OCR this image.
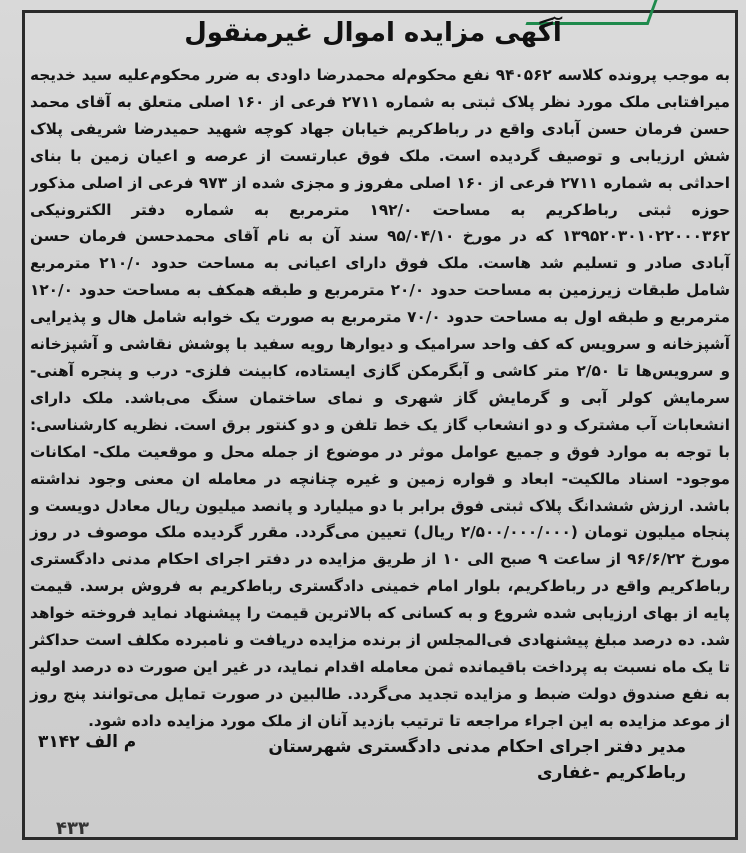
آگهی مزایده اموال غیرمنقول
به موجب پرونده کلاسه ۹۴۰۵۶۲ نفع محکوم‌له محمدرضا داودی به ضرر محکوم‌علیه سید خدیجه میرافتابی ملک مورد نظر پلاک ثبتی به شماره ۲۷۱۱ فرعی از ۱۶۰ اصلی متعلق به آقای محمد حسن فرمان حسن آبادی واقع در رباط‌کریم خیابان جهاد کوچه شهید حمیدرضا شریفی پلاک شش ارزیابی و توصیف گردیده است. ملک فوق عبارتست از عرصه و اعیان زمین با بنای احداثی به شماره ۲۷۱۱ فرعی از ۱۶۰ اصلی مفروز و مجزی شده از ۹۷۳ فرعی از اصلی مذکور حوزه ثبتی رباط‌کریم به مساحت ۱۹۲/۰ مترمربع به شماره دفتر الکترونیکی ۱۳۹۵۲۰۳۰۱۰۲۲۰۰۰۳۶۲ که در مورخ ۹۵/۰۴/۱۰ سند آن به نام آقای محمدحسن فرمان حسن آبادی صادر و تسلیم شد هاست. ملک فوق دارای اعیانی به مساحت حدود ۲۱۰/۰ مترمربع شامل طبقات زیرزمین به مساحت حدود ۲۰/۰ مترمربع و طبقه همکف به مساحت حدود ۱۲۰/۰ مترمربع و طبقه اول به مساحت حدود ۷۰/۰ مترمربع به صورت یک خوابه شامل هال و پذیرایی آشپزخانه و سرویس که کف واحد سرامیک و دیوارها رویه سفید با پوشش نقاشی و آشپزخانه و سرویس‌ها تا ۲/۵۰ متر کاشی و آبگرمکن گازی ایستاده، کابینت فلزی- درب و پنجره آهنی- سرمایش کولر آبی و گرمایش گاز شهری و نمای ساختمان سنگ می‌باشد. ملک دارای انشعابات آب مشترک و دو انشعاب گاز یک خط تلفن و دو کنتور برق است. نظریه کارشناسی: با توجه به موارد فوق و جمیع عوامل موثر در موضوع از جمله محل و موقعیت ملک- امکانات موجود- اسناد مالکیت- ابعاد و قواره زمین و غیره چنانچه در معامله ان معنی وجود نداشته باشد. ارزش ششدانگ پلاک ثبتی فوق برابر با دو میلیارد و پانصد میلیون ریال معادل دویست و پنجاه میلیون تومان (۲/۵۰۰/۰۰۰/۰۰۰ ریال) تعیین می‌گردد. مقرر گردیده ملک موصوف در روز مورخ ۹۶/۶/۲۲ از ساعت ۹ صبح الی ۱۰ از طریق مزایده در دفتر اجرای احکام مدنی دادگستری رباط‌کریم واقع در رباط‌کریم، بلوار امام خمینی دادگستری رباط‌کریم به فروش برسد. قیمت پایه از بهای ارزیابی شده شروع و به کسانی که بالاترین قیمت را پیشنهاد نماید فروخته خواهد شد. ده درصد مبلغ پیشنهادی فی‌المجلس از برنده مزایده دریافت و نامبرده مکلف است حداکثر تا یک ماه نسبت به پرداخت باقیمانده ثمن معامله اقدام نماید، در غیر این صورت ده درصد اولیه به نفع صندوق دولت ضبط و مزایده تجدید می‌گردد. طالبین در صورت تمایل می‌توانند پنج روز از موعد مزایده به این اجراء مراجعه تا ترتیب بازدید آنان از ملک مورد مزایده داده شود.
مدیر دفتر اجرای احکام مدنی دادگستری شهرستان
رباط‌کریم -غفاری
م الف ۳۱۴۲
۴۳۳
